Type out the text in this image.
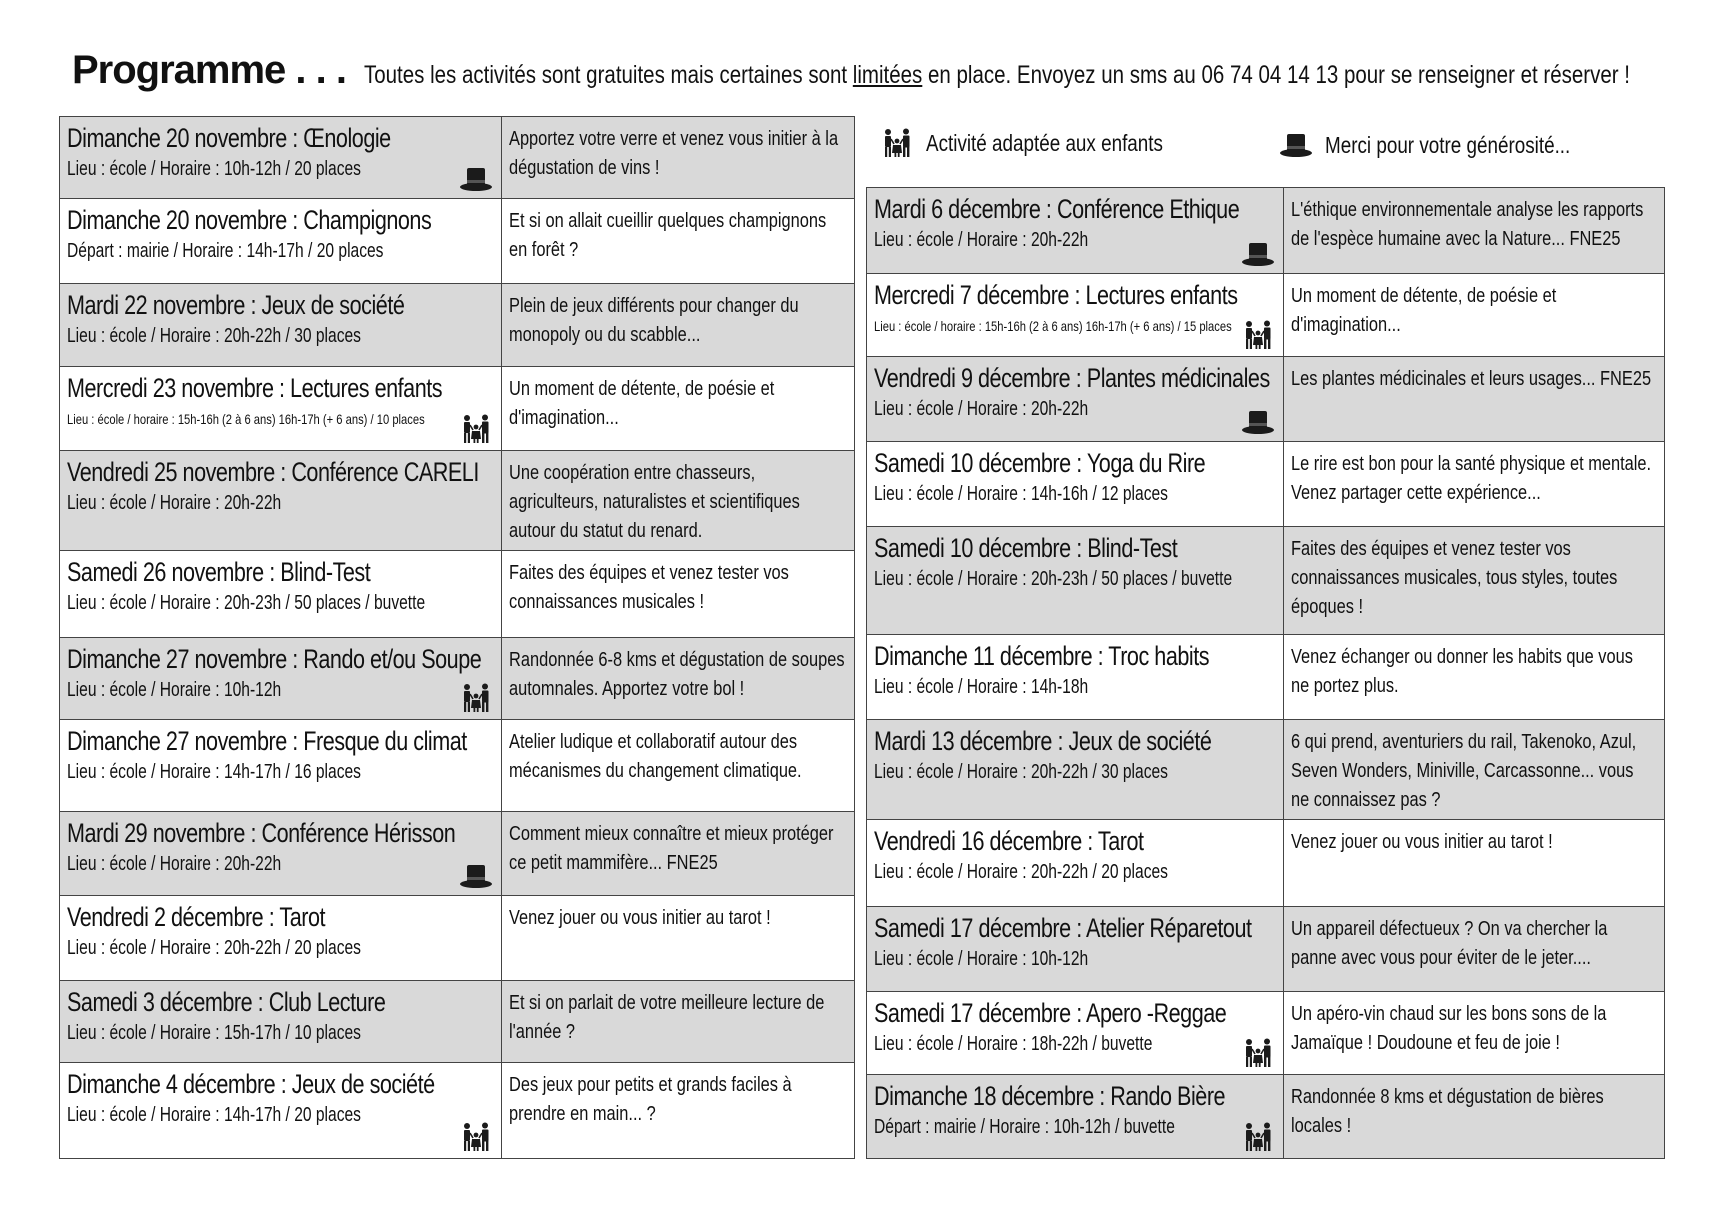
Programme . . . Toutes les activités sont gratuites mais certaines sont limitées en place. Envoyez un sms au 06 74 04 14 13 pour se renseigner et réserver !
Activité adaptée aux enfants
	Merci pour votre générosité...
Dimanche 20 novembre : Œnologie
Lieu : école / Horaire : 10h-12h / 20 places	Apportez votre verre et venez vous initier à la dégustation de vins !
Dimanche 20 novembre : Champignons
Départ : mairie / Horaire : 14h-17h / 20 places	Et si on allait cueillir quelques champignons en forêt ?
Mardi 22 novembre : Jeux de société
Lieu : école / Horaire : 20h-22h / 30 places	Plein de jeux différents pour changer du monopoly ou du scabble...
Mercredi 23 novembre : Lectures enfants
Lieu : école / horaire : 15h-16h (2 à 6 ans) 16h-17h (+ 6 ans) / 10 places	Un moment de détente, de poésie et d'imagination...
Vendredi 25 novembre : Conférence CARELI
Lieu : école / Horaire : 20h-22h	Une coopération entre chasseurs, agriculteurs, naturalistes et scientifiques autour du statut du renard.
Samedi 26 novembre : Blind-Test
Lieu : école / Horaire : 20h-23h / 50 places / buvette	Faites des équipes et venez tester vos connaissances musicales !
Dimanche 27 novembre : Rando et/ou Soupe
Lieu : école / Horaire : 10h-12h	Randonnée 6-8 kms et dégustation de soupes automnales. Apportez votre bol !
Dimanche 27 novembre : Fresque du climat
Lieu : école / Horaire : 14h-17h / 16 places	Atelier ludique et collaboratif autour des mécanismes du changement climatique.
Mardi 29 novembre : Conférence Hérisson
Lieu : école / Horaire : 20h-22h	Comment mieux connaître et mieux protéger ce petit mammifère... FNE25
Vendredi 2 décembre : Tarot
Lieu : école / Horaire : 20h-22h / 20 places	Venez jouer ou vous initier au tarot !
Samedi 3 décembre : Club Lecture
Lieu : école / Horaire : 15h-17h / 10 places	Et si on parlait de votre meilleure lecture de l'année ?
Dimanche 4 décembre : Jeux de société
Lieu : école / Horaire : 14h-17h / 20 places	Des jeux pour petits et grands faciles à prendre en main... ?
Mardi 6 décembre : Conférence Ethique
Lieu : école / Horaire : 20h-22h	L'éthique environnementale analyse les rapports de l'espèce humaine avec la Nature... FNE25
Mercredi 7 décembre : Lectures enfants
Lieu : école / horaire : 15h-16h (2 à 6 ans) 16h-17h (+ 6 ans) / 15 places	Un moment de détente, de poésie et d'imagination...
Vendredi 9 décembre : Plantes médicinales
Lieu : école / Horaire : 20h-22h	Les plantes médicinales et leurs usages... FNE25
Samedi 10 décembre : Yoga du Rire
Lieu : école / Horaire : 14h-16h / 12 places	Le rire est bon pour la santé physique et mentale. Venez partager cette expérience...
Samedi 10 décembre : Blind-Test
Lieu : école / Horaire : 20h-23h / 50 places / buvette	Faites des équipes et venez tester vos connaissances musicales, tous styles, toutes époques !
Dimanche 11 décembre : Troc habits
Lieu : école / Horaire : 14h-18h	Venez échanger ou donner les habits que vous ne portez plus.
Mardi 13 décembre : Jeux de société
Lieu : école / Horaire : 20h-22h / 30 places	6 qui prend, aventuriers du rail, Takenoko, Azul, Seven Wonders, Miniville, Carcassonne... vous ne connaissez pas ?
Vendredi 16 décembre : Tarot
Lieu : école / Horaire : 20h-22h / 20 places	Venez jouer ou vous initier au tarot !
Samedi 17 décembre : Atelier Réparetout
Lieu : école / Horaire : 10h-12h	Un appareil défectueux ? On va chercher la panne avec vous pour éviter de le jeter....
Samedi 17 décembre : Apero -Reggae
Lieu : école / Horaire : 18h-22h / buvette	Un apéro-vin chaud sur les bons sons de la Jamaïque ! Doudoune et feu de joie !
Dimanche 18 décembre : Rando Bière
Départ : mairie / Horaire : 10h-12h / buvette	Randonnée 8 kms et dégustation de bières locales !
